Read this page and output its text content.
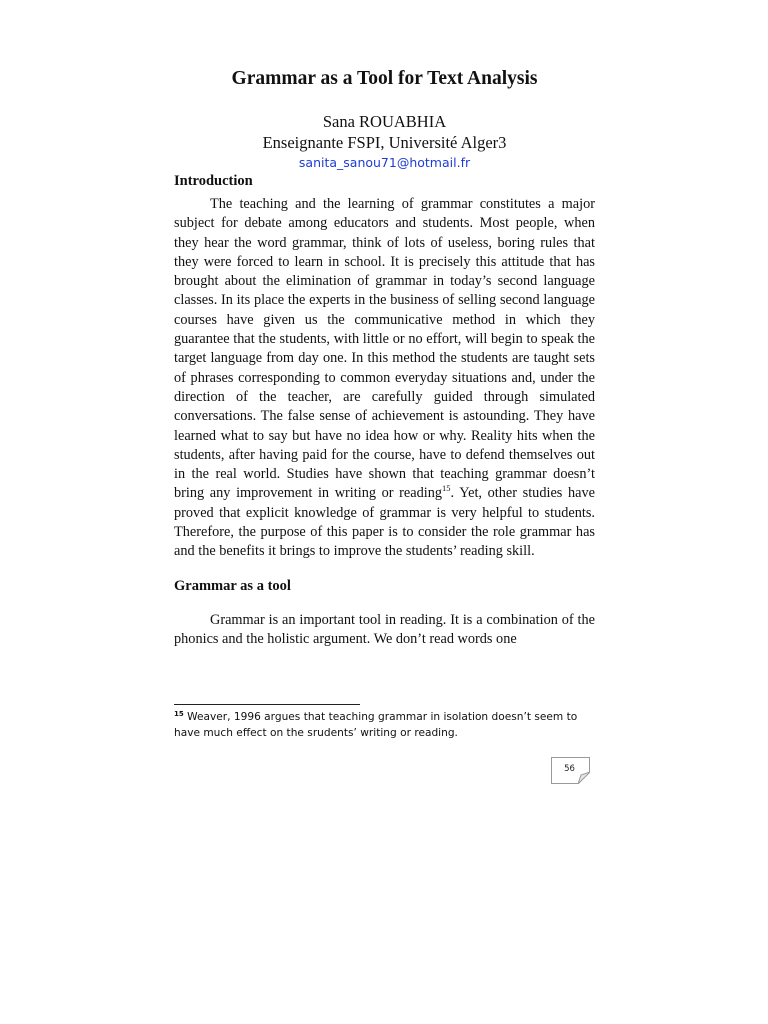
Grammar as a Tool for Text Analysis
Sana ROUABHIA
Enseignante FSPI, Université Alger3
sanita_sanou71@hotmail.fr
Introduction

The teaching and the learning of grammar constitutes a major subject for debate among educators and students. Most people, when they hear the word grammar, think of lots of useless, boring rules that they were forced to learn in school. It is precisely this attitude that has brought about the elimination of grammar in today’s second language classes. In its place the experts in the business of selling second language courses have given us the communicative method in which they guarantee that the students, with little or no effort, will begin to speak the target language from day one. In this method the students are taught sets of phrases corresponding to common everyday situations and, under the direction of the teacher, are carefully guided through simulated conversations. The false sense of achievement is astounding. They have learned what to say but have no idea how or why. Reality hits when the students, after having paid for the course, have to defend themselves out in the real world. Studies have shown that teaching grammar doesn’t bring any improvement in writing or reading$^{15}$. Yet, other studies have proved that explicit knowledge of grammar is very helpful to students. Therefore, the purpose of this paper is to consider the role grammar has and the benefits it brings to improve the students’ reading skill.

Grammar as a tool

Grammar is an important tool in reading. It is a combination of the phonics and the holistic argument. We don’t read words one

$^{15}$ Weaver, 1996 argues that teaching grammar in isolation doesn’t seem to have much effect on the srudents’ writing or reading.
56
